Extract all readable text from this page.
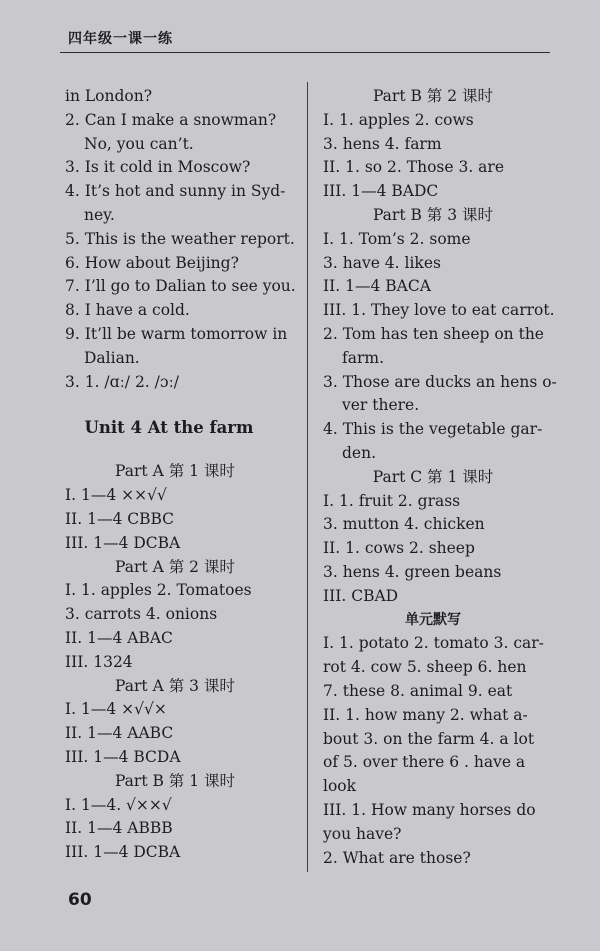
四年级一课一练
in London?
2. Can I make a snowman?
No, you can’t.
3. Is it cold in Moscow?
4. It’s hot and sunny in Syd-
ney.
5. This is the weather report.
6. How about Beijing?
7. I’ll go to Dalian to see you.
8. I have a cold.
9. It’ll be warm tomorrow in
Dalian.
3. 1. /ɑː/ 2. /ɔː/
Unit 4 At the farm
Part A 第 1 课时
I. 1—4 ××√√
II. 1—4 CBBC
III. 1—4 DCBA
Part A 第 2 课时
I. 1. apples 2. Tomatoes
3. carrots 4. onions
II. 1—4 ABAC
III. 1324
Part A 第 3 课时
I. 1—4 ×√√×
II. 1—4 AABC
III. 1—4 BCDA
Part B 第 1 课时
I. 1—4. √××√
II. 1—4 ABBB
III. 1—4 DCBA
Part B 第 2 课时
I. 1. apples 2. cows
3. hens 4. farm
II. 1. so 2. Those 3. are
III. 1—4 BADC
Part B 第 3 课时
I. 1. Tom’s 2. some
3. have 4. likes
II. 1—4 BACA
III. 1. They love to eat carrot.
2. Tom has ten sheep on the
farm.
3. Those are ducks an hens o-
ver there.
4. This is the vegetable gar-
den.
Part C 第 1 课时
I. 1. fruit 2. grass
3. mutton 4. chicken
II. 1. cows 2. sheep
3. hens 4. green beans
III. CBAD
单元默写
I. 1. potato 2. tomato 3. car-
rot 4. cow 5. sheep 6. hen
7. these 8. animal 9. eat
II. 1. how many 2. what a-
bout 3. on the farm 4. a lot
of 5. over there 6 . have a
look
III. 1. How many horses do
you have?
2. What are those?
60
